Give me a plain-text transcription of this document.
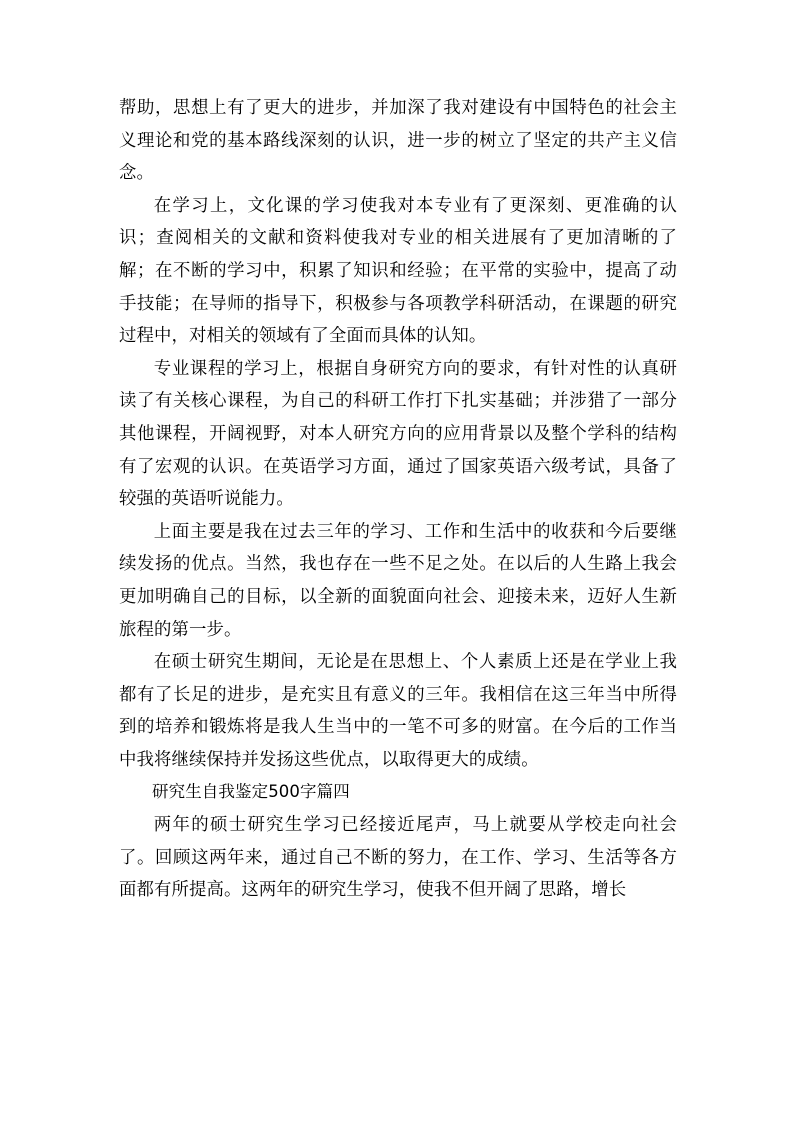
帮助，思想上有了更大的进步，并加深了我对建设有中国特色的社会主义理论和党的基本路线深刻的认识，进一步的树立了坚定的共产主义信念。

在学习上，文化课的学习使我对本专业有了更深刻、更准确的认识；查阅相关的文献和资料使我对专业的相关进展有了更加清晰的了解；在不断的学习中，积累了知识和经验；在平常的实验中，提高了动手技能；在导师的指导下，积极参与各项教学科研活动，在课题的研究过程中，对相关的领域有了全面而具体的认知。

专业课程的学习上，根据自身研究方向的要求，有针对性的认真研读了有关核心课程，为自己的科研工作打下扎实基础；并涉猎了一部分其他课程，开阔视野，对本人研究方向的应用背景以及整个学科的结构有了宏观的认识。在英语学习方面，通过了国家英语六级考试，具备了较强的英语听说能力。

上面主要是我在过去三年的学习、工作和生活中的收获和今后要继续发扬的优点。当然，我也存在一些不足之处。在以后的人生路上我会更加明确自己的目标，以全新的面貌面向社会、迎接未来，迈好人生新旅程的第一步。

在硕士研究生期间，无论是在思想上、个人素质上还是在学业上我都有了长足的进步，是充实且有意义的三年。我相信在这三年当中所得到的培养和锻炼将是我人生当中的一笔不可多的财富。在今后的工作当中我将继续保持并发扬这些优点，以取得更大的成绩。

研究生自我鉴定500字篇四

两年的硕士研究生学习已经接近尾声，马上就要从学校走向社会了。回顾这两年来，通过自己不断的努力，在工作、学习、生活等各方面都有所提高。这两年的研究生学习，使我不但开阔了思路，增长
